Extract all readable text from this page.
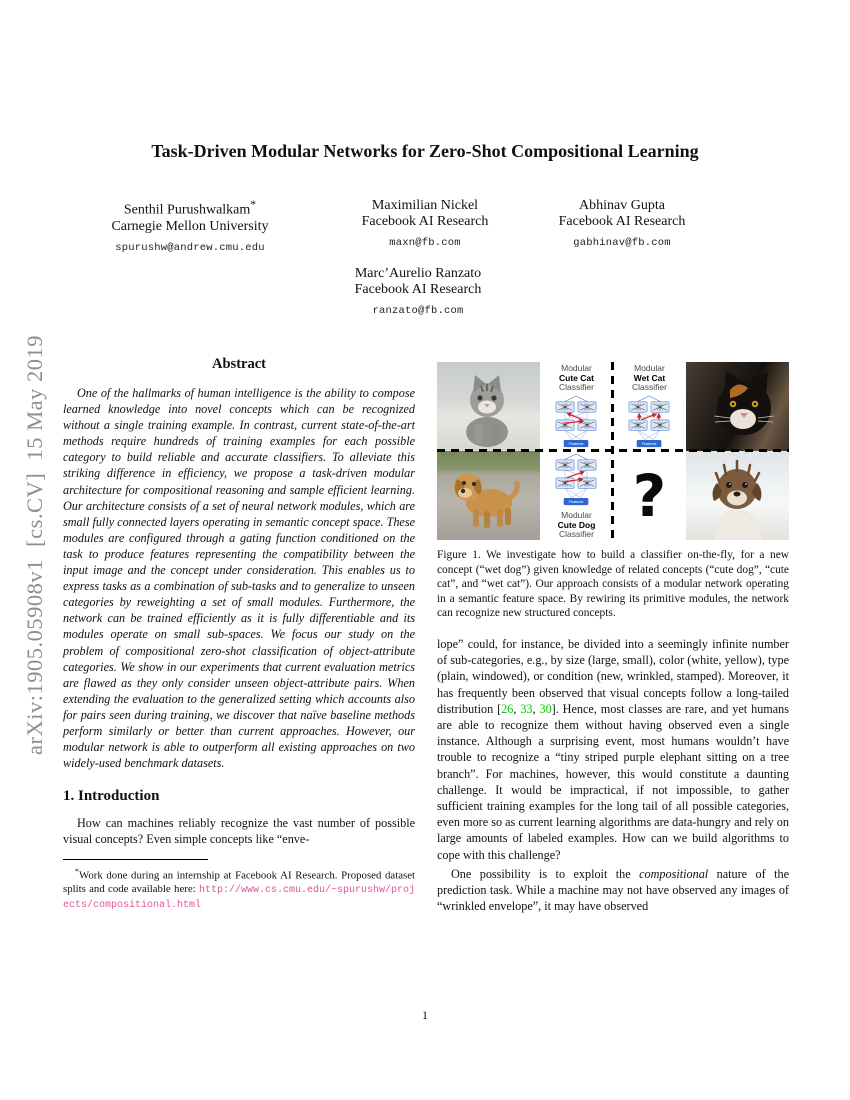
arXiv:1905.05908v1  [cs.CV]  15 May 2019
Task-Driven Modular Networks for Zero-Shot Compositional Learning
Senthil Purushwalkam*
Carnegie Mellon University
spurushw@andrew.cmu.edu
Maximilian Nickel
Facebook AI Research
maxn@fb.com
Abhinav Gupta
Facebook AI Research
gabhinav@fb.com
Marc’Aurelio Ranzato
Facebook AI Research
ranzato@fb.com
Abstract

One of the hallmarks of human intelligence is the ability to compose learned knowledge into novel concepts which can be recognized without a single training example. In contrast, current state-of-the-art methods require hundreds of training examples for each possible category to build reliable and accurate classifiers. To alleviate this striking difference in efficiency, we propose a task-driven modular architecture for compositional reasoning and sample efficient learning. Our architecture consists of a set of neural network modules, which are small fully connected layers operating in semantic concept space. These modules are configured through a gating function conditioned on the task to produce features representing the compatibility between the input image and the concept under consideration. This enables us to express tasks as a combination of sub-tasks and to generalize to unseen categories by reweighting a set of small modules. Furthermore, the network can be trained efficiently as it is fully differentiable and its modules operate on small sub-spaces. We focus our study on the problem of compositional zero-shot classification of object-attribute categories. We show in our experiments that current evaluation metrics are flawed as they only consider unseen object-attribute pairs. When extending the evaluation to the generalized setting which accounts also for pairs seen during training, we discover that naïve baseline methods perform similarly or better than current approaches. However, our modular network is able to outperform all existing approaches on two widely-used benchmark datasets.

1. Introduction

How can machines reliably recognize the vast number of possible visual concepts? Even simple concepts like “enve-

*Work done during an internship at Facebook AI Research. Proposed dataset splits and code available here: http://www.cs.cmu.edu/~spurushw/projects/compositional.html

Modular
Cute Cat
Classifier
Features
Modular
Wet Cat
Classifier
Features
Features
Modular
Cute Dog
Classifier
?
Figure 1. We investigate how to build a classifier on-the-fly, for a new concept (“wet dog”) given knowledge of related concepts (“cute dog”, “cute cat”, and “wet cat”). Our approach consists of a modular network operating in a semantic feature space. By rewiring its primitive modules, the network can recognize new structured concepts.

lope” could, for instance, be divided into a seemingly infinite number of sub-categories, e.g., by size (large, small), color (white, yellow), type (plain, windowed), or condition (new, wrinkled, stamped). Moreover, it has frequently been observed that visual concepts follow a long-tailed distribution [26, 33, 30]. Hence, most classes are rare, and yet humans are able to recognize them without having observed even a single instance. Although a surprising event, most humans wouldn’t have trouble to recognize a “tiny striped purple elephant sitting on a tree branch”. For machines, however, this would constitute a daunting challenge. It would be impractical, if not impossible, to gather sufficient training examples for the long tail of all possible categories, even more so as current learning algorithms are data-hungry and rely on large amounts of labeled examples. How can we build algorithms to cope with this challenge?

One possibility is to exploit the compositional nature of the prediction task. While a machine may not have observed any images of “wrinkled envelope”, it may have observed

1
